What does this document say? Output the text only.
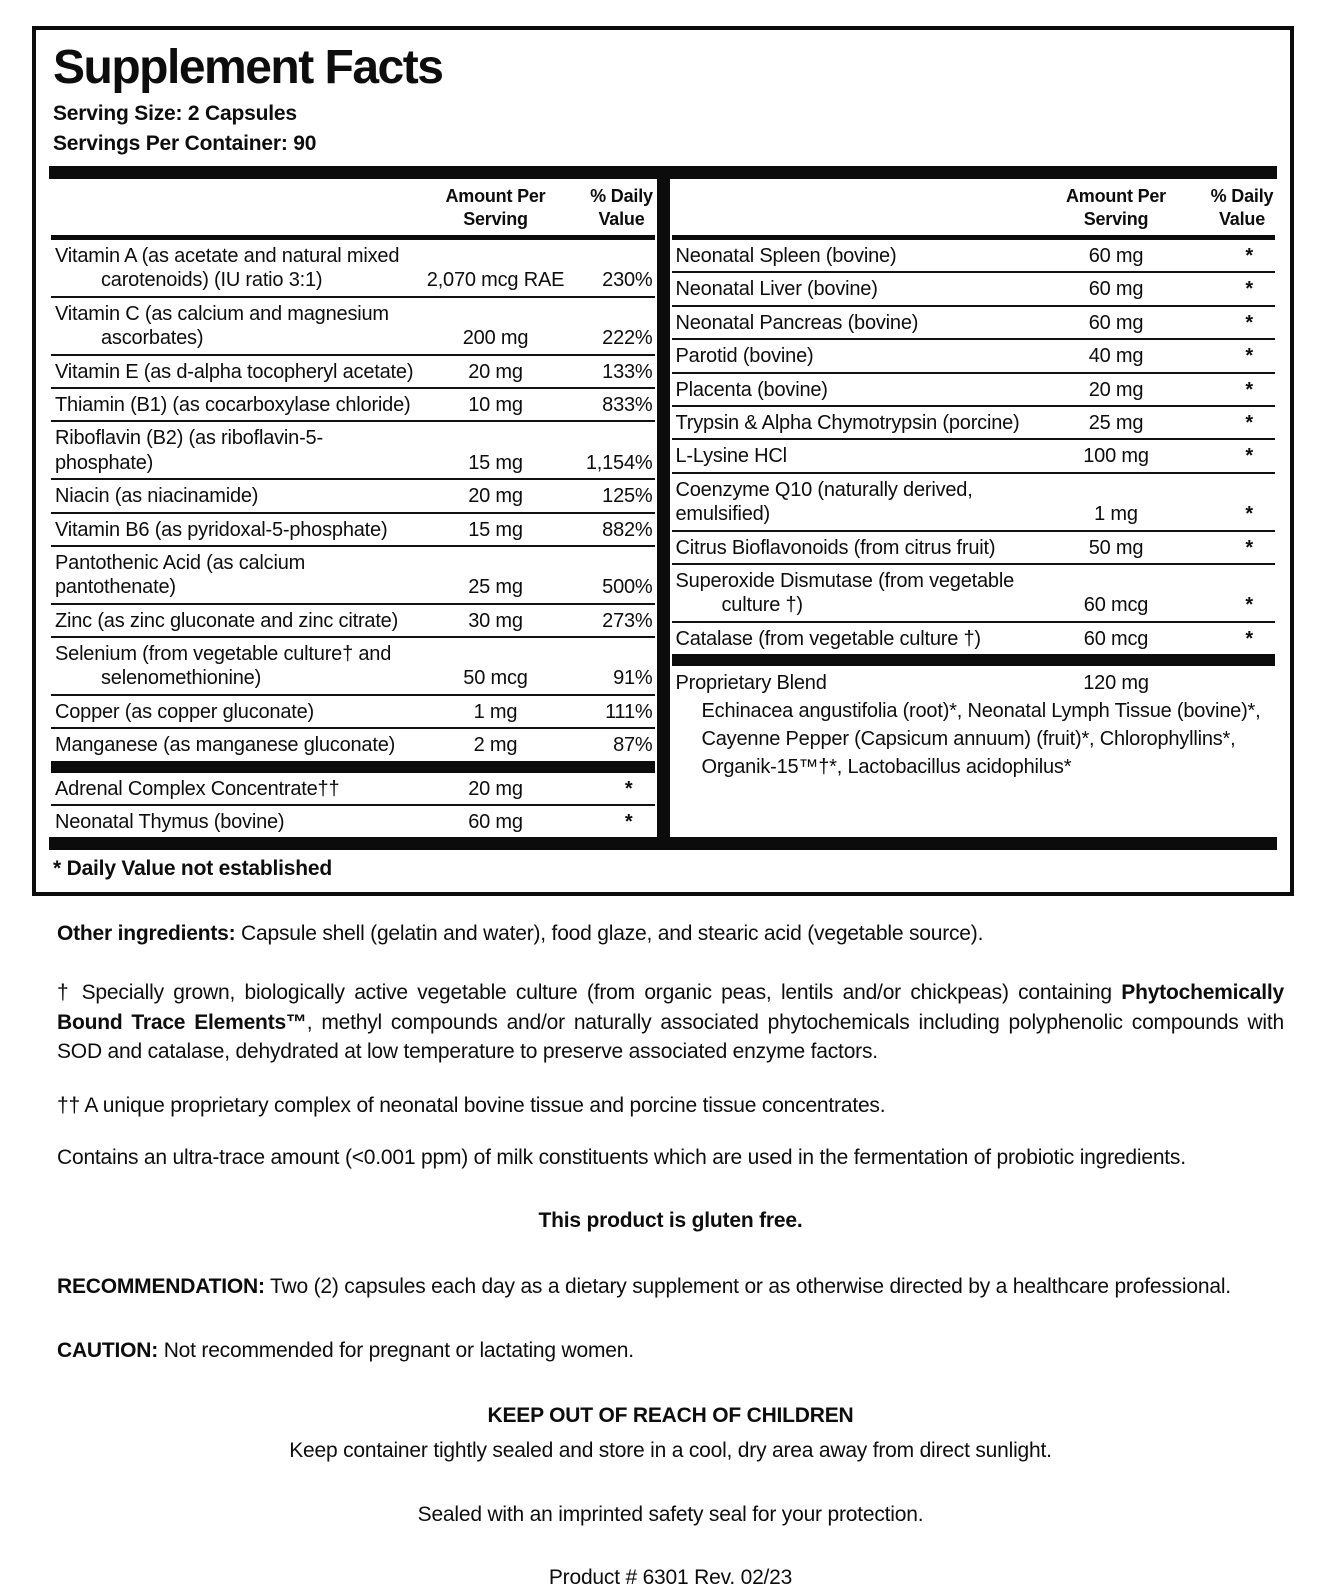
Supplement Facts
Serving Size: 2 Capsules
Servings Per Container: 90
Amount Per Serving
% Daily Value
Vitamin A (as acetate and natural mixed
carotenoids) (IU ratio 3:1)	2,070 mcg RAE	230%
Vitamin C (as calcium and magnesium
ascorbates)	200 mg	222%
Vitamin E (as d-alpha tocopheryl acetate)	20 mg	133%
Thiamin (B1) (as cocarboxylase chloride)	10 mg	833%
Riboflavin (B2) (as riboflavin-5-phosphate)	15 mg	1,154%
Niacin (as niacinamide)	20 mg	125%
Vitamin B6 (as pyridoxal-5-phosphate)	15 mg	882%
Pantothenic Acid (as calcium pantothenate)	25 mg	500%
Zinc (as zinc gluconate and zinc citrate)	30 mg	273%
Selenium (from vegetable culture† and
selenomethionine)	50 mcg	91%
Copper (as copper gluconate)	1 mg	111%
Manganese (as manganese gluconate)	2 mg	87%
Adrenal Complex Concentrate††	20 mg	*
Neonatal Thymus (bovine)	60 mg	*
Amount Per Serving
% Daily Value
Neonatal Spleen (bovine)	60 mg	*
Neonatal Liver (bovine)	60 mg	*
Neonatal Pancreas (bovine)	60 mg	*
Parotid (bovine)	40 mg	*
Placenta (bovine)	20 mg	*
Trypsin & Alpha Chymotrypsin (porcine)	25 mg	*
L-Lysine HCl	100 mg	*
Coenzyme Q10 (naturally derived, emulsified)	1 mg	*
Citrus Bioflavonoids (from citrus fruit)	50 mg	*
Superoxide Dismutase (from vegetable
culture †)	60 mcg	*
Catalase (from vegetable culture †)	60 mcg	*
Proprietary Blend	120 mg
Echinacea angustifolia (root)*, Neonatal Lymph Tissue (bovine)*,
Cayenne Pepper (Capsicum annuum) (fruit)*, Chlorophyllins*,
Organik-15™†*, Lactobacillus acidophilus*
* Daily Value not established

Other ingredients: Capsule shell (gelatin and water), food glaze, and stearic acid (vegetable source).

† Specially grown, biologically active vegetable culture (from organic peas, lentils and/or chickpeas) containing Phytochemically Bound Trace Elements™, methyl compounds and/or naturally associated phytochemicals including polyphenolic compounds with SOD and catalase, dehydrated at low temperature to preserve associated enzyme factors.

†† A unique proprietary complex of neonatal bovine tissue and porcine tissue concentrates.

Contains an ultra-trace amount (<0.001 ppm) of milk constituents which are used in the fermentation of probiotic ingredients.

This product is gluten free.

RECOMMENDATION: Two (2) capsules each day as a dietary supplement or as otherwise directed by a healthcare professional.

CAUTION: Not recommended for pregnant or lactating women.

KEEP OUT OF REACH OF CHILDREN

Keep container tightly sealed and store in a cool, dry area away from direct sunlight.

Sealed with an imprinted safety seal for your protection.

Product # 6301 Rev. 02/23
